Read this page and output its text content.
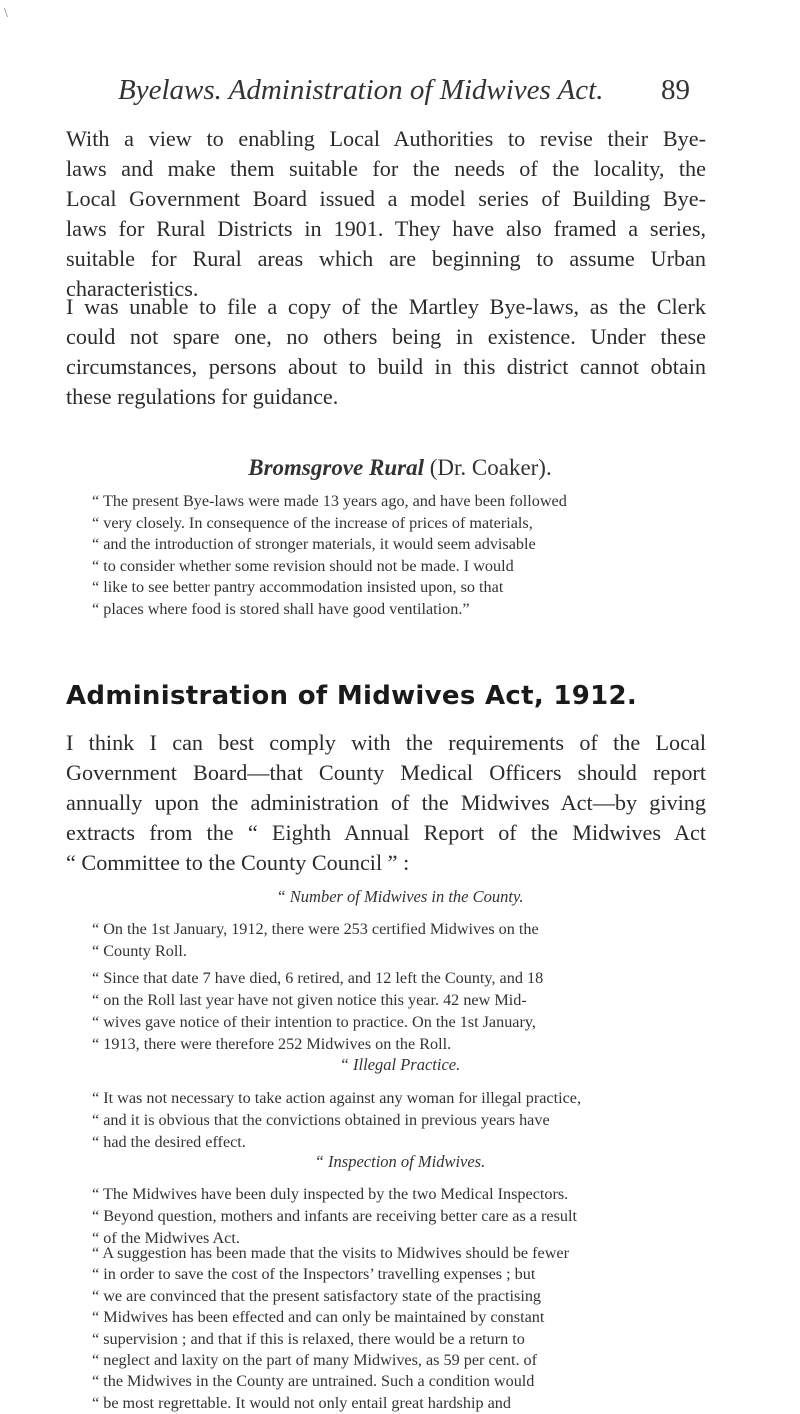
\
Byelaws. Administration of Midwives Act. 89
With a view to enabling Local Authorities to revise their Bye-
laws and make them suitable for the needs of the locality, the
Local Government Board issued a model series of Building Bye-
laws for Rural Districts in 1901. They have also framed a series,
suitable for Rural areas which are beginning to assume Urban
characteristics.
I was unable to file a copy of the Martley Bye-laws, as the Clerk
could not spare one, no others being in existence. Under these
circumstances, persons about to build in this district cannot obtain
these regulations for guidance.
Bromsgrove Rural (Dr. Coaker).
“ The present Bye-laws were made 13 years ago, and have been followed
“ very closely. In consequence of the increase of prices of materials,
“ and the introduction of stronger materials, it would seem advisable
“ to consider whether some revision should not be made. I would
“ like to see better pantry accommodation insisted upon, so that
“ places where food is stored shall have good ventilation.”
Administration of Midwives Act, 1912.
I think I can best comply with the requirements of the Local
Government Board—that County Medical Officers should report
annually upon the administration of the Midwives Act—by giving
extracts from the “ Eighth Annual Report of the Midwives Act
“ Committee to the County Council ” :
“ Number of Midwives in the County.
“ On the 1st January, 1912, there were 253 certified Midwives on the
“ County Roll.
“ Since that date 7 have died, 6 retired, and 12 left the County, and 18
“ on the Roll last year have not given notice this year. 42 new Mid-
“ wives gave notice of their intention to practice. On the 1st January,
“ 1913, there were therefore 252 Midwives on the Roll.
“ Illegal Practice.
“ It was not necessary to take action against any woman for illegal practice,
“ and it is obvious that the convictions obtained in previous years have
“ had the desired effect.
“ Inspection of Midwives.
“ The Midwives have been duly inspected by the two Medical Inspectors.
“ Beyond question, mothers and infants are receiving better care as a result
“ of the Midwives Act.
“ A suggestion has been made that the visits to Midwives should be fewer
“ in order to save the cost of the Inspectors’ travelling expenses ; but
“ we are convinced that the present satisfactory state of the practising
“ Midwives has been effected and can only be maintained by constant
“ supervision ; and that if this is relaxed, there would be a return to
“ neglect and laxity on the part of many Midwives, as 59 per cent. of
“ the Midwives in the County are untrained. Such a condition would
“ be most regrettable. It would not only entail great hardship and
